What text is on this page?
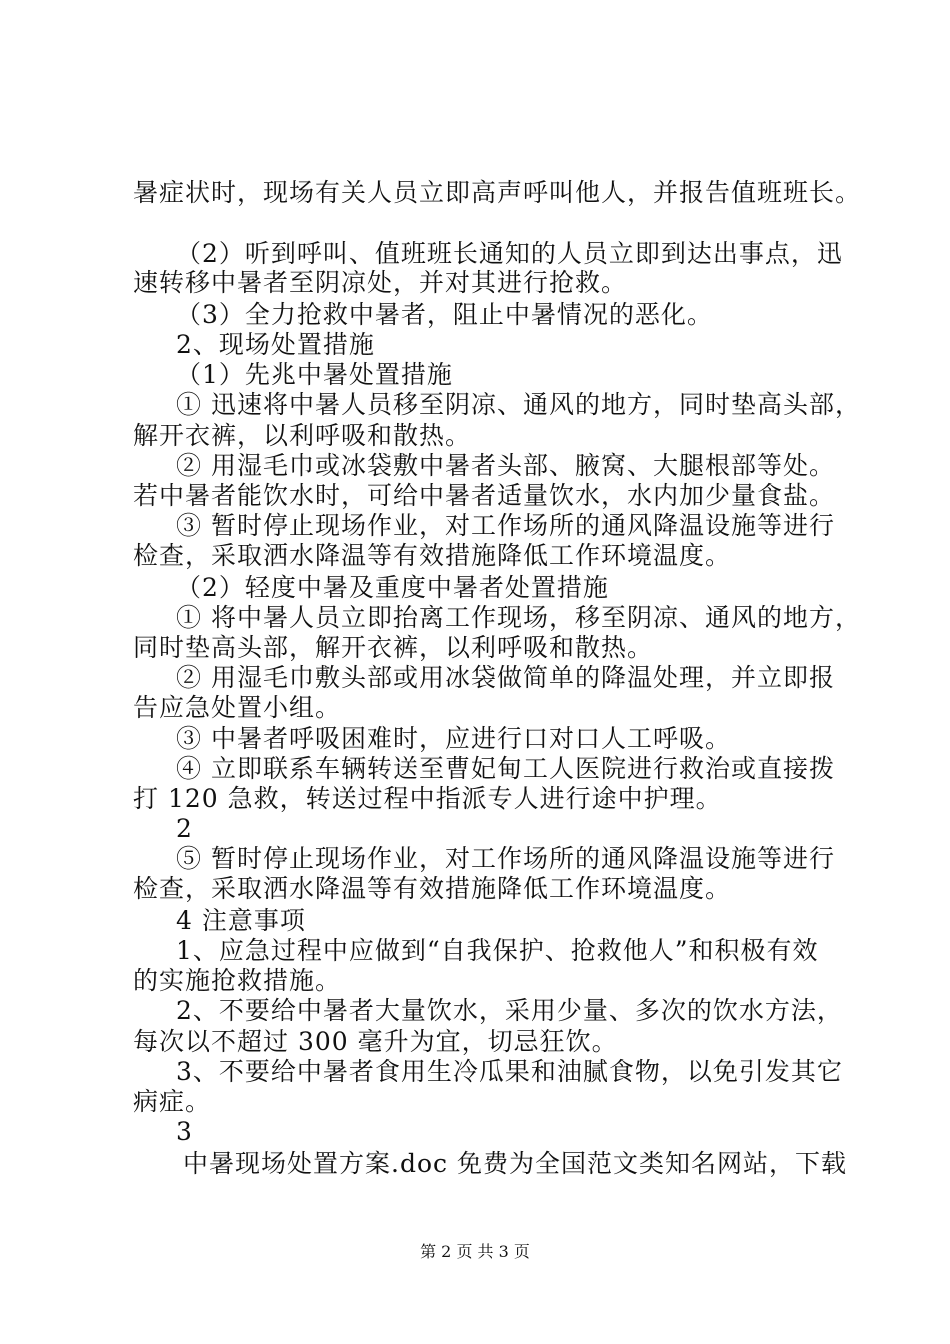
暑症状时，现场有关人员立即高声呼叫他人，并报告值班班长。
（2）听到呼叫、值班班长通知的人员立即到达出事点，迅
速转移中暑者至阴凉处，并对其进行抢救。
（3）全力抢救中暑者，阻止中暑情况的恶化。
2、现场处置措施
（1）先兆中暑处置措施
① 迅速将中暑人员移至阴凉、通风的地方，同时垫高头部，
解开衣裤，以利呼吸和散热。
② 用湿毛巾或冰袋敷中暑者头部、腋窝、大腿根部等处。
若中暑者能饮水时，可给中暑者适量饮水，水内加少量食盐。
③ 暂时停止现场作业，对工作场所的通风降温设施等进行
检查，采取洒水降温等有效措施降低工作环境温度。
（2）轻度中暑及重度中暑者处置措施
① 将中暑人员立即抬离工作现场，移至阴凉、通风的地方，
同时垫高头部，解开衣裤，以利呼吸和散热。
② 用湿毛巾敷头部或用冰袋做简单的降温处理，并立即报
告应急处置小组。
③ 中暑者呼吸困难时，应进行口对口人工呼吸。
④ 立即联系车辆转送至曹妃甸工人医院进行救治或直接拨
打 120 急救，转送过程中指派专人进行途中护理。
2
⑤ 暂时停止现场作业，对工作场所的通风降温设施等进行
检查，采取洒水降温等有效措施降低工作环境温度。
4 注意事项
1、应急过程中应做到“自我保护、抢救他人”和积极有效
的实施抢救措施。
2、不要给中暑者大量饮水，采用少量、多次的饮水方法，
每次以不超过 300 毫升为宜，切忌狂饮。
3、不要给中暑者食用生冷瓜果和油腻食物，以免引发其它
病症。
3
中暑现场处置方案.doc 免费为全国范文类知名网站，下载
第 2 页 共 3 页
